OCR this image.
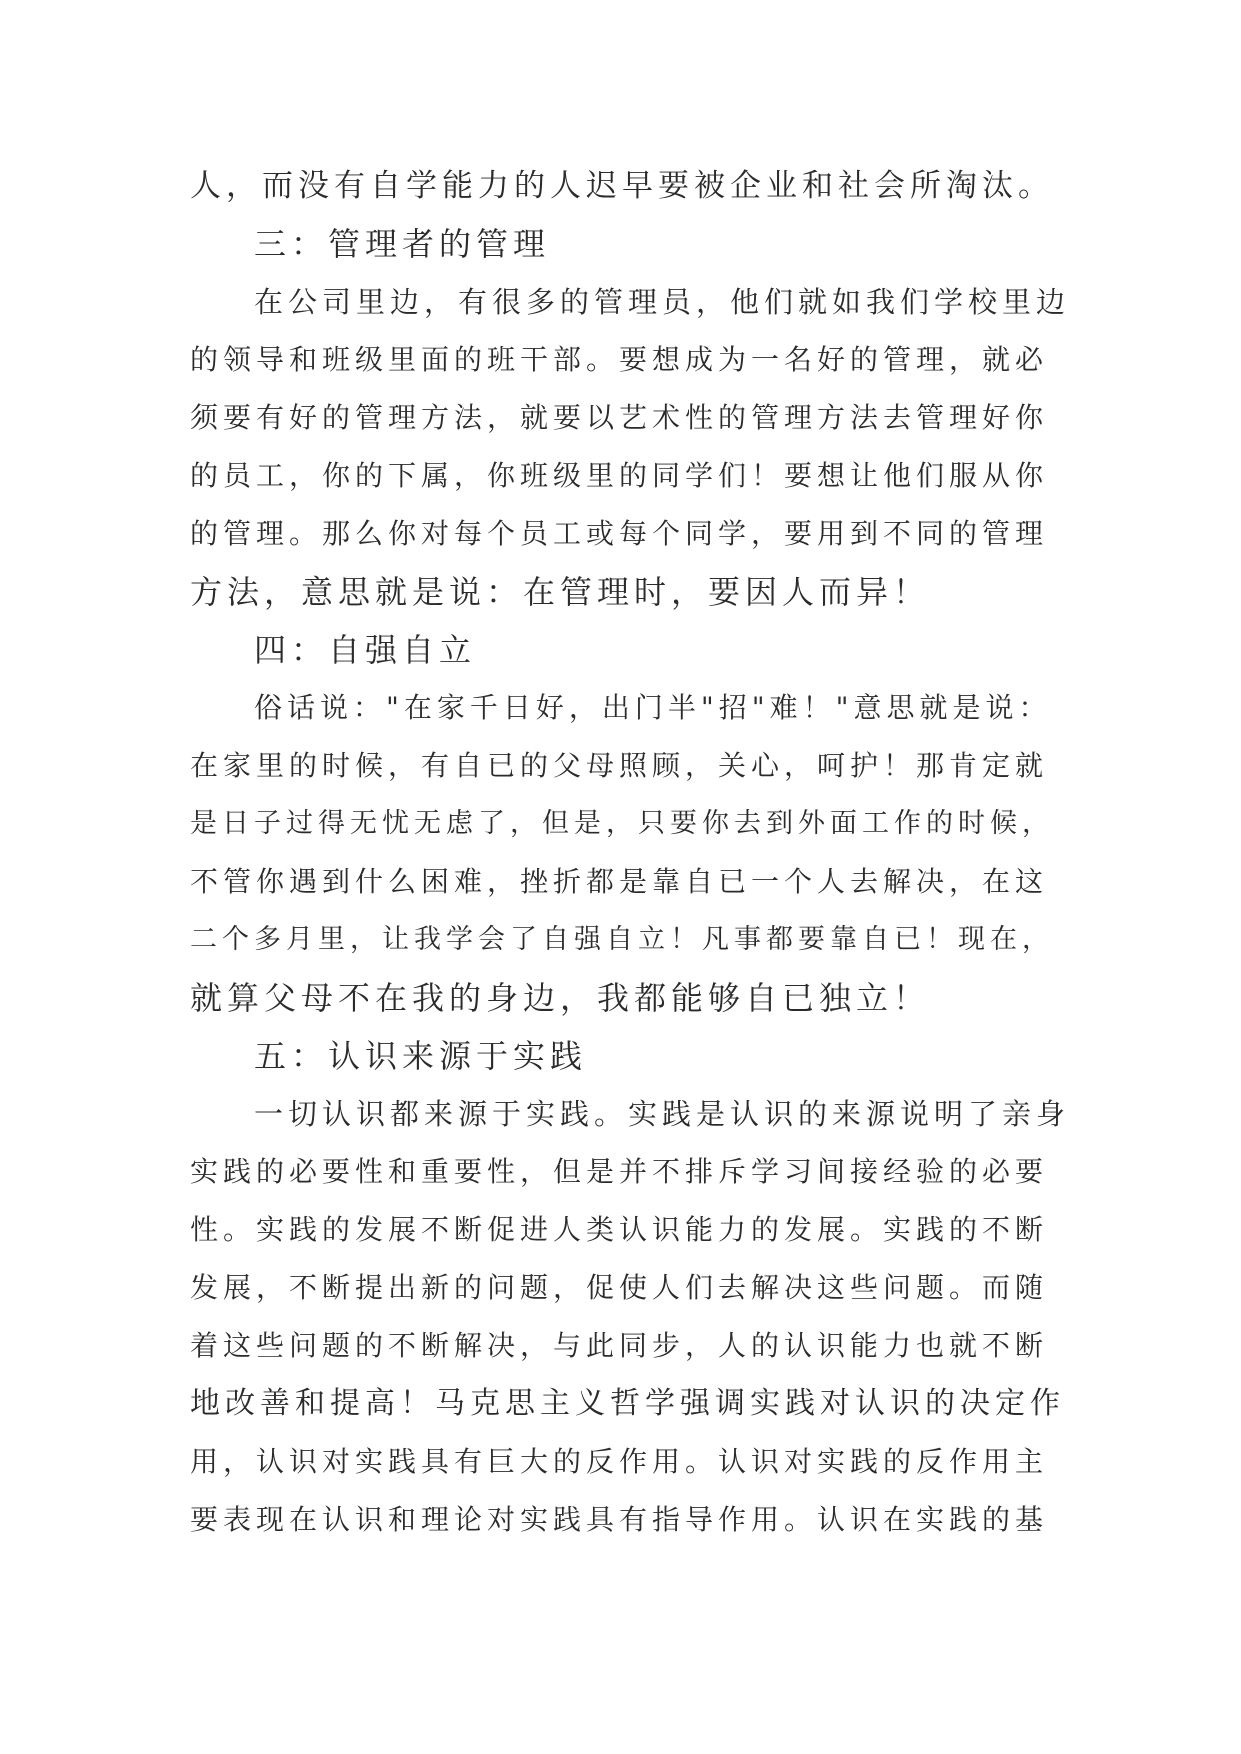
人，而没有自学能力的人迟早要被企业和社会所淘汰。
三：管理者的管理
在公司里边，有很多的管理员，他们就如我们学校里边
的领导和班级里面的班干部。要想成为一名好的管理，就必
须要有好的管理方法，就要以艺术性的管理方法去管理好你
的员工，你的下属，你班级里的同学们！要想让他们服从你
的管理。那么你对每个员工或每个同学，要用到不同的管理
方法，意思就是说：在管理时，要因人而异！
四：自强自立
俗话说："在家千日好，出门半"招"难！"意思就是说：
在家里的时候，有自已的父母照顾，关心，呵护！那肯定就
是日子过得无忧无虑了，但是，只要你去到外面工作的时候，
不管你遇到什么困难，挫折都是靠自已一个人去解决，在这
二个多月里，让我学会了自强自立！凡事都要靠自已！现在，
就算父母不在我的身边，我都能够自已独立！
五：认识来源于实践
一切认识都来源于实践。实践是认识的来源说明了亲身
实践的必要性和重要性，但是并不排斥学习间接经验的必要
性。实践的发展不断促进人类认识能力的发展。实践的不断
发展，不断提出新的问题，促使人们去解决这些问题。而随
着这些问题的不断解决，与此同步，人的认识能力也就不断
地改善和提高！马克思主义哲学强调实践对认识的决定作
用，认识对实践具有巨大的反作用。认识对实践的反作用主
要表现在认识和理论对实践具有指导作用。认识在实践的基
